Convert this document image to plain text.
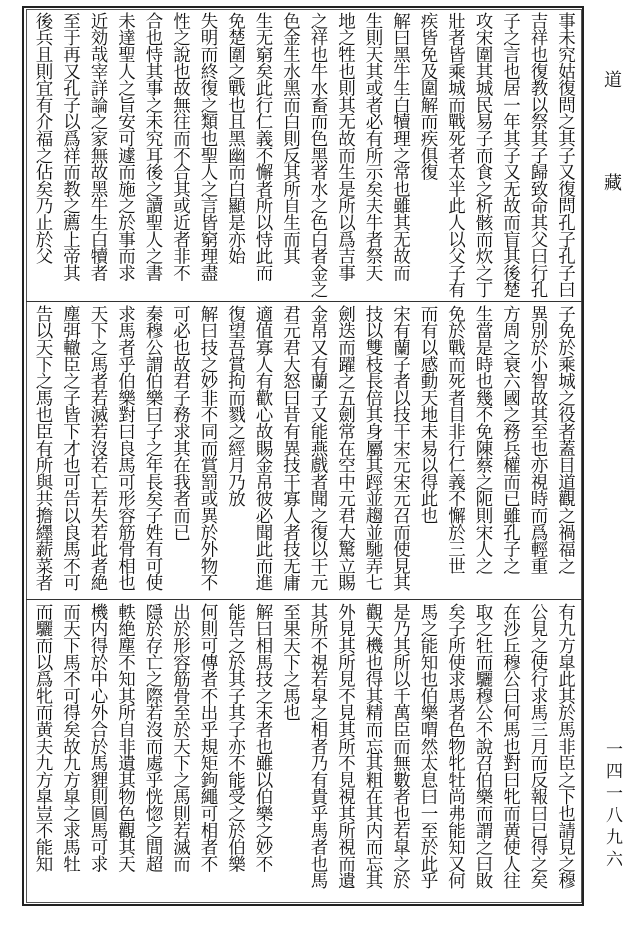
事未究姑復問之其子又復問孔子孔子曰
吉祥也復教以祭其子歸致命其父曰行孔
子之言也居一年其子又无故而盲其後楚
攻宋圍其城民易子而食之析骸而炊之丁
壯者皆乘城而戰死者太半此人以父子有
疾皆免及圍解而疾俱復
解曰黑牛生白犢理之常也雖其无故而
生則天其或者必有所示矣夫牛者祭天
地之牲也則其无故而生是所以爲吉事
之祥也牛水畜而色黑者水之色白者金之
色金生水黑而白則反其所自生而其
生无窮矣此行仁義不懈者所以恃此而
免楚圍之戰也且黑幽而白顯是亦始
失明而終復之類也聖人之言皆窮理盡
性之說也故無往而不合其或近者非不
合也恃其事之未究耳後之讀聖人之書
未達聖人之旨安可遽而施之於事而求
近効哉宰詳論之家無故黑牛生白犢者
至于再又孔子以爲祥而教之薦上帝其
後兵且則宜有介福之佔矣乃止於父
子免於乘城之役者蓋目道觀之禍福之
異別於小智故其至也亦視時而爲輕重
方周之衰六國之務兵權而已雖孔子之
生當是時也幾不免陳蔡之阨則宋人之
免於戰而死者目非行仁義不懈於三世
而有以感動天地未易以得此也
宋有蘭子者以技干宋元宋元召而使見其
技以雙枝長倍其身屬其踁並趨並馳弄七
劍迭而躍之五劍常在空中元君大驚立賜
金帛又有蘭子又能燕戲者聞之復以干元
君元君大怒曰昔有異技干寡人者技无庸
適值寡人有歡心故賜金帛彼必聞此而進
復望吾賞拘而戮之經月乃放
解曰技之妙非不同而賞罰或異於外物不
可必也故君子務求其在我者而已
秦穆公謂伯樂曰子之年長矣子姓有可使
求馬者乎伯樂對曰良馬可形容筋骨相也
天下之馬者若滅若沒若亡若失若此者絶
塵弭轍臣之子皆下才也可告以良馬不可
告以天下之馬也臣有所與共擔纆薪菜者
有九方皐此其於馬非臣之下也請見之穆
公見之使行求馬三月而反報曰已得之矣
在沙丘穆公曰何馬也對曰牝而黄使人往
取之牡而驪穆公不說召伯樂而謂之曰敗
矣子所使求馬者色物牝牡尚弗能知又何
馬之能知也伯樂喟然太息曰一至於此乎
是乃其所以千萬臣而無數者也若皐之於
觀天機也得其精而忘其粗在其内而忘其
外見其所見不見其所不見視其所視而遺
其所不視若皐之相者乃有貴乎馬者也馬
至果天下之馬也
解曰相馬技之末者也雖以伯樂之妙不
能告之於其子其子亦不能受之於伯樂
何則可傳者不出乎規矩鉤繩可相者不
出於形容筋骨至於天下之馬則若滅而
隱於存亡之際若沒而處乎恍惚之間超
軼絶塵不知其所自非遺其物色觀其天
機内得於中心外合於馬貍則圓馬可求
而天下馬不可得矣故九方皐之求馬牡
而驪而以爲牝而黄夫九方皐豈不能知
道 藏
一四一八九六
